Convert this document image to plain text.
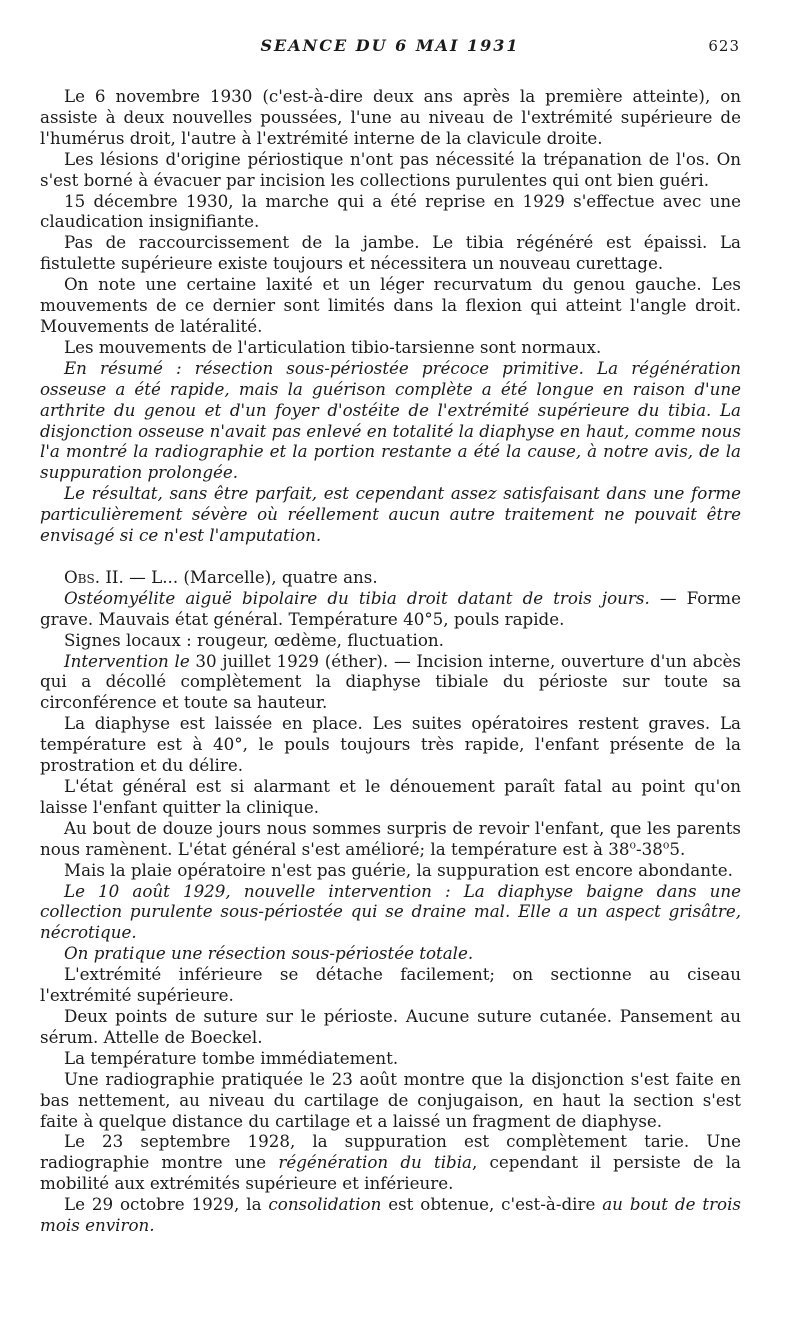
SEANCE DU 6 MAI 1931	623

Le 6 novembre 1930 (c'est-à-dire deux ans après la première atteinte), on assiste à deux nouvelles poussées, l'une au niveau de l'extrémité supérieure de l'humérus droit, l'autre à l'extrémité interne de la clavicule droite.

Les lésions d'origine périostique n'ont pas nécessité la trépanation de l'os. On s'est borné à évacuer par incision les collections purulentes qui ont bien guéri.

15 décembre 1930, la marche qui a été reprise en 1929 s'effectue avec une claudication insignifiante.

Pas de raccourcissement de la jambe. Le tibia régénéré est épaissi. La fistulette supérieure existe toujours et nécessitera un nouveau curettage.

On note une certaine laxité et un léger recurvatum du genou gauche. Les mouvements de ce dernier sont limités dans la flexion qui atteint l'angle droit. Mouvements de latéralité.

Les mouvements de l'articulation tibio-tarsienne sont normaux.

En résumé : résection sous-périostée précoce primitive. La régénération osseuse a été rapide, mais la guérison complète a été longue en raison d'une arthrite du genou et d'un foyer d'ostéite de l'extrémité supérieure du tibia. La disjonction osseuse n'avait pas enlevé en totalité la diaphyse en haut, comme nous l'a montré la radiographie et la portion restante a été la cause, à notre avis, de la suppuration prolongée.

Le résultat, sans être parfait, est cependant assez satisfaisant dans une forme particulièrement sévère où réellement aucun autre traitement ne pouvait être envisagé si ce n'est l'amputation.

Obs. II. — L... (Marcelle), quatre ans.

Ostéomyélite aiguë bipolaire du tibia droit datant de trois jours. — Forme grave. Mauvais état général. Température 40°5, pouls rapide.

Signes locaux : rougeur, œdème, fluctuation.

Intervention le 30 juillet 1929 (éther). — Incision interne, ouverture d'un abcès qui a décollé complètement la diaphyse tibiale du périoste sur toute sa circonférence et toute sa hauteur.

La diaphyse est laissée en place. Les suites opératoires restent graves. La température est à 40°, le pouls toujours très rapide, l'enfant présente de la prostration et du délire.

L'état général est si alarmant et le dénouement paraît fatal au point qu'on laisse l'enfant quitter la clinique.

Au bout de douze jours nous sommes surpris de revoir l'enfant, que les parents nous ramènent. L'état général s'est amélioré; la température est à 38$^o$-38$^o$5.

Mais la plaie opératoire n'est pas guérie, la suppuration est encore abondante.

Le 10 août 1929, nouvelle intervention : La diaphyse baigne dans une collection purulente sous-périostée qui se draine mal. Elle a un aspect grisâtre, nécrotique.

On pratique une résection sous-périostée totale.

L'extrémité inférieure se détache facilement; on sectionne au ciseau l'extrémité supérieure.

Deux points de suture sur le périoste. Aucune suture cutanée. Pansement au sérum. Attelle de Boeckel.

La température tombe immédiatement.

Une radiographie pratiquée le 23 août montre que la disjonction s'est faite en bas nettement, au niveau du cartilage de conjugaison, en haut la section s'est faite à quelque distance du cartilage et a laissé un fragment de diaphyse.

Le 23 septembre 1928, la suppuration est complètement tarie. Une radiographie montre une régénération du tibia, cependant il persiste de la mobilité aux extrémités supérieure et inférieure.

Le 29 octobre 1929, la consolidation est obtenue, c'est-à-dire au bout de trois mois environ.
